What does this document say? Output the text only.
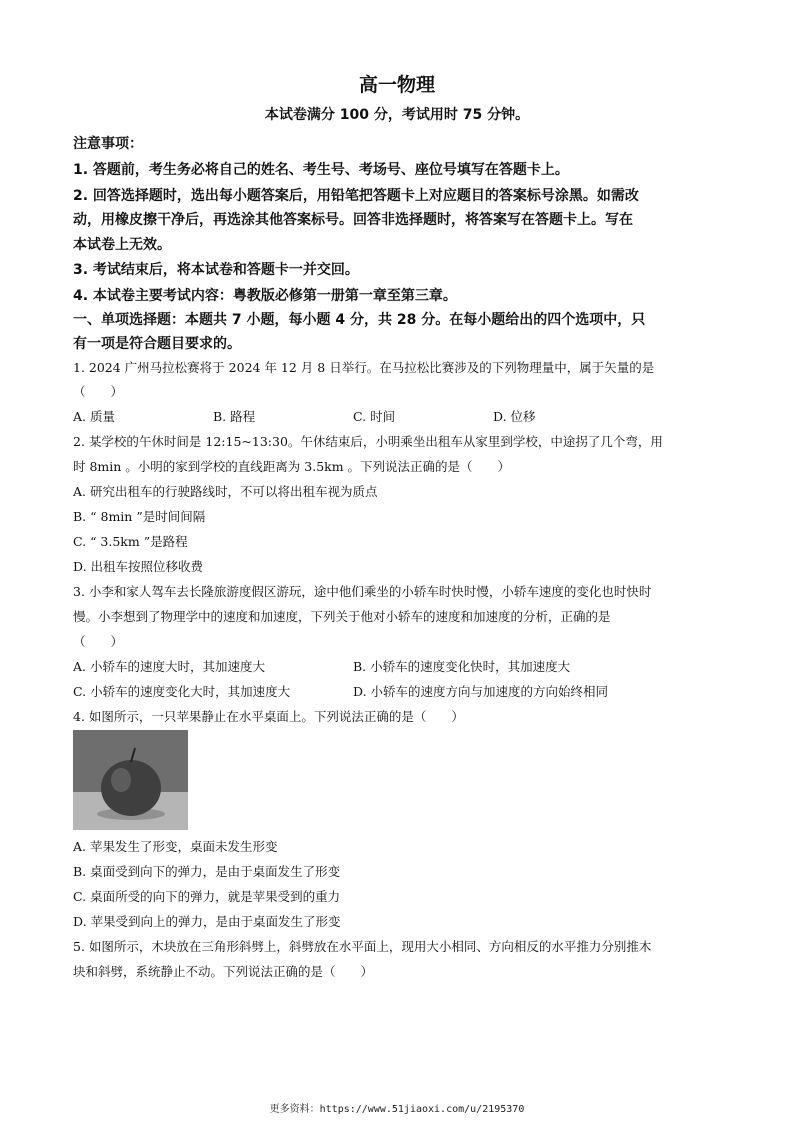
高一物理
本试卷满分 100 分，考试用时 75 分钟。
注意事项：
1. 答题前，考生务必将自己的姓名、考生号、考场号、座位号填写在答题卡上。
2. 回答选择题时，选出每小题答案后，用铅笔把答题卡上对应题目的答案标号涂黑。如需改
动，用橡皮擦干净后，再选涂其他答案标号。回答非选择题时，将答案写在答题卡上。写在
本试卷上无效。
3. 考试结束后，将本试卷和答题卡一并交回。
4. 本试卷主要考试内容：粤教版必修第一册第一章至第三章。
一、单项选择题：本题共 7 小题，每小题 4 分，共 28 分。在每小题给出的四个选项中，只
有一项是符合题目要求的。
1. 2024 广州马拉松赛将于 2024 年 12 月 8 日举行。在马拉松比赛涉及的下列物理量中，属于矢量的是
（　　）
A. 质量	B. 路程	C. 时间	D. 位移
2. 某学校的午休时间是 12:15~13:30。午休结束后，小明乘坐出租车从家里到学校，中途拐了几个弯，用
时 8min 。小明的家到学校的直线距离为 3.5km 。下列说法正确的是（　　）
A. 研究出租车的行驶路线时，不可以将出租车视为质点
B. “ 8min ”是时间间隔
C. “ 3.5km ”是路程
D. 出租车按照位移收费
3. 小李和家人驾车去长隆旅游度假区游玩，途中他们乘坐的小轿车时快时慢，小轿车速度的变化也时快时
慢。小李想到了物理学中的速度和加速度，下列关于他对小轿车的速度和加速度的分析，正确的是
（　　）
A. 小轿车的速度大时，其加速度大	B. 小轿车的速度变化快时，其加速度大
C. 小轿车的速度变化大时，其加速度大	D. 小轿车的速度方向与加速度的方向始终相同
4. 如图所示，一只苹果静止在水平桌面上。下列说法正确的是（　　）
A. 苹果发生了形变，桌面未发生形变
B. 桌面受到向下的弹力，是由于桌面发生了形变
C. 桌面所受的向下的弹力，就是苹果受到的重力
D. 苹果受到向上的弹力，是由于桌面发生了形变
5. 如图所示，木块放在三角形斜劈上，斜劈放在水平面上，现用大小相同、方向相反的水平推力分别推木
块和斜劈，系统静止不动。下列说法正确的是（　　）
更多资料：https://www.51jiaoxi.com/u/2195370
